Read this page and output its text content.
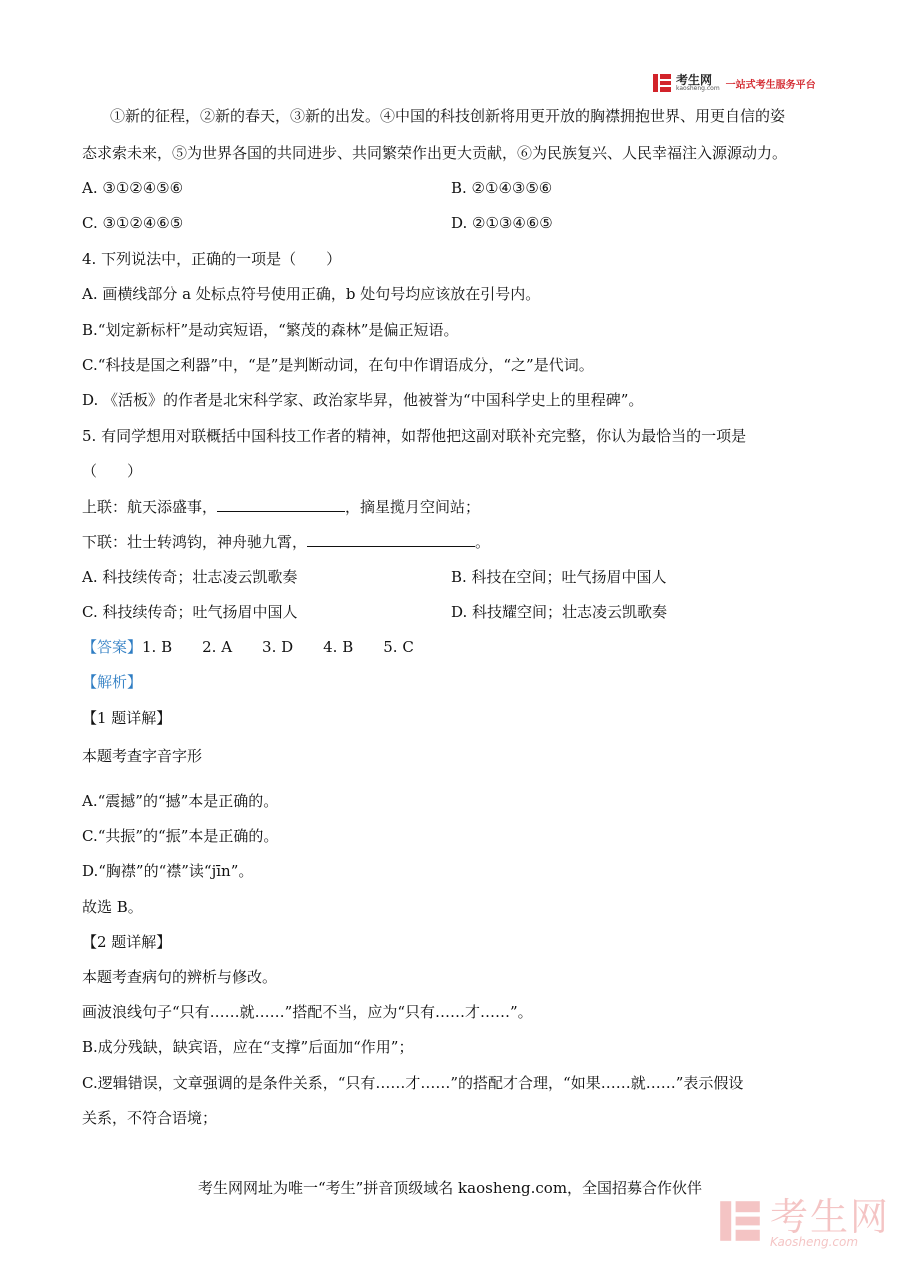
考生网
kaosheng.com 一站式考生服务平台
①新的征程，②新的春天，③新的出发。④中国的科技创新将用更开放的胸襟拥抱世界、用更自信的姿
态求索未来，⑤为世界各国的共同进步、共同繁荣作出更大贡献，⑥为民族复兴、人民幸福注入源源动力。
A. ③①②④⑤⑥	B. ②①④③⑤⑥
C. ③①②④⑥⑤	D. ②①③④⑥⑤
4. 下列说法中，正确的一项是（　　）
A. 画横线部分 a 处标点符号使用正确，b 处句号均应该放在引号内。
B.“划定新标杆”是动宾短语，“繁茂的森林”是偏正短语。
C.“科技是国之利器”中，“是”是判断动词，在句中作谓语成分，“之”是代词。
D. 《活板》的作者是北宋科学家、政治家毕昇，他被誉为“中国科学史上的里程碑”。
5. 有同学想用对联概括中国科技工作者的精神，如帮他把这副对联补充完整，你认为最恰当的一项是
（　　）
上联：航天添盛事，	，摘星揽月空间站；
下联：壮士转鸿钧，神舟驰九霄，	。
A. 科技续传奇；壮志凌云凯歌奏	B. 科技在空间；吐气扬眉中国人
C. 科技续传奇；吐气扬眉中国人	D. 科技耀空间；壮志凌云凯歌奏
【答案】1. B　　2. A　　3. D　　4. B　　5. C
【解析】
【1 题详解】
本题考查字音字形
A.“震撼”的“撼”本是正确的。
C.“共振”的“振”本是正确的。
D.“胸襟”的“襟”读“jīn”。
故选 B。
【2 题详解】
本题考查病句的辨析与修改。
画波浪线句子“只有……就……”搭配不当，应为“只有……才……”。
B.成分残缺，缺宾语，应在“支撑”后面加“作用”；
C.逻辑错误，文章强调的是条件关系，“只有……才……”的搭配才合理，“如果……就……”表示假设
关系，不符合语境；
考生网网址为唯一“考生”拼音顶级域名 kaosheng.com，全国招募合作伙伴
考生网
Kaosheng.com
